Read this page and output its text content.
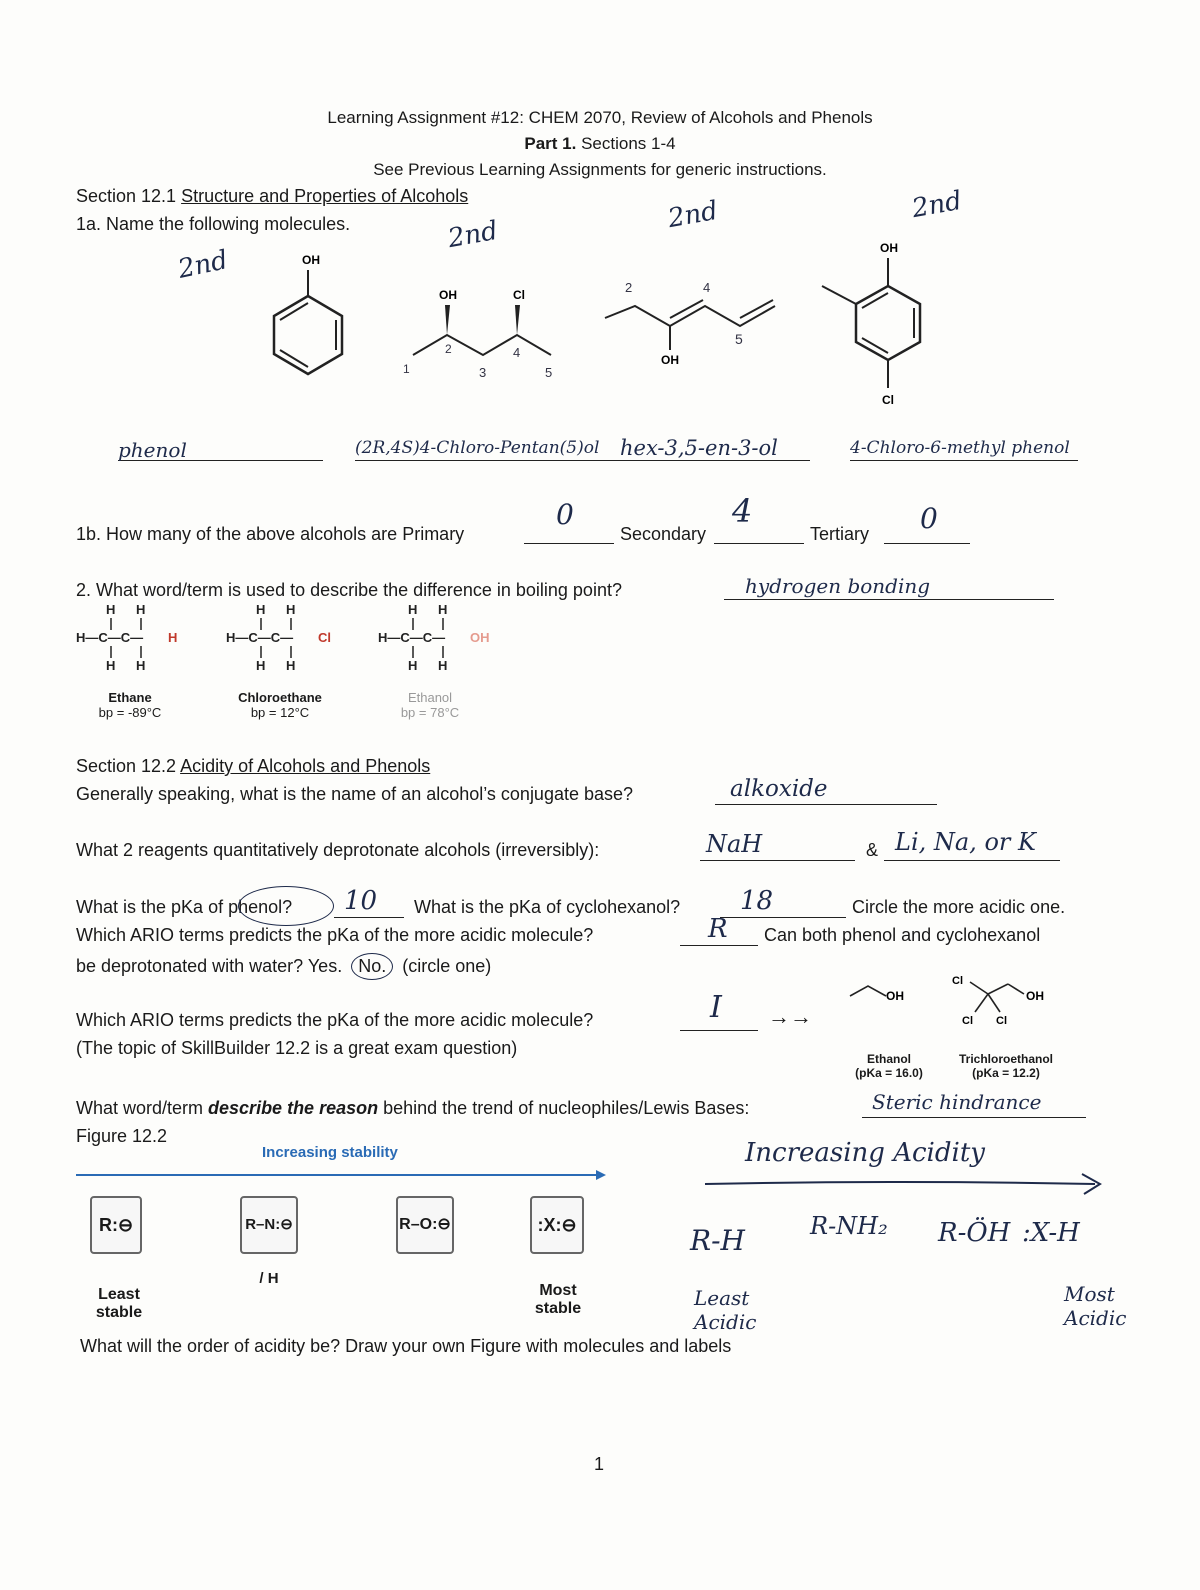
Learning Assignment #12: CHEM 2070, Review of Alcohols and Phenols
Part 1. Sections 1-4
See Previous Learning Assignments for generic instructions.
Section 12.1 Structure and Properties of Alcohols
1a. Name the following molecules.
2nd
2nd
2nd	2nd
OH
OH	Cl
1
2
3
4
5
OH
2	4
5
OH
Cl
phenol	(2R,4S)4-Chloro-Pentan(5)ol hex-3,5-en-3-ol	4-Chloro-6-methyl phenol
1b. How many of the above alcohols are Primary
0
Secondary
4
Tertiary 0
2. What word/term is used to describe the difference in boiling point?	hydrogen bonding
H H
H—C—C—
H H
H
H H
H—C—C—
H H
Cl
H H
H—C—C—
H H
OH
Ethane
bp = -89°C
Chloroethane
bp = 12°C
Ethanol
bp = 78°C
Section 12.2 Acidity of Alcohols and Phenols
Generally speaking, what is the name of an alcohol’s conjugate base?	alkoxide
What 2 reagents quantitatively deprotonate alcohols (irreversibly):	NaH	& Li, Na, or K
What is the pKa of phenol? 10 What is the pKa of cyclohexanol? 18	Circle the more acidic one.
Which ARIO terms predicts the pKa of the more acidic molecule?	R Can both phenol and cyclohexanol
be deprotonated with water? Yes. No. (circle one)
Which ARIO terms predicts the pKa of the more acidic molecule?	I →→
(The topic of SkillBuilder 12.2 is a great exam question)
OH
Cl
Cl Cl
OH
Ethanol
(pKa = 16.0)
Trichloroethanol
(pKa = 12.2)
What word/term describe the reason behind the trend of nucleophiles/Lewis Bases:	Steric hindrance
Figure 12.2
Increasing stability
R:⊖	R–N:⊖ / H
R–O:⊖	:X:⊖
Least stable
Most stable
Increasing Acidity
R-H	R-NH₂ R-ÖH :X-H
Least Acidic
Most Acidic
What will the order of acidity be? Draw your own Figure with molecules and labels
1
